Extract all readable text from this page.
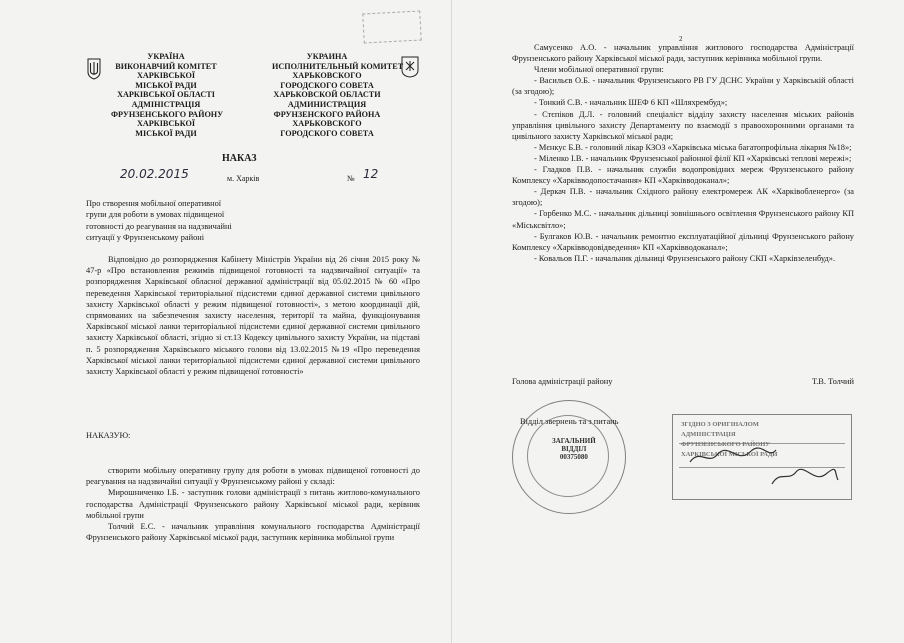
УКРАЇНА
ВИКОНАВЧИЙ КОМІТЕТ
ХАРКІВСЬКОЇ
МІСЬКОЇ РАДИ
ХАРКІВСЬКОЇ ОБЛАСТІ
АДМІНІСТРАЦІЯ
ФРУНЗЕНСЬКОГО РАЙОНУ
ХАРКІВСЬКОЇ
МІСЬКОЇ РАДИ
УКРАИНА
ИСПОЛНИТЕЛЬНЫЙ КОМИТЕТ
ХАРЬКОВСКОГО
ГОРОДСКОГО СОВЕТА
ХАРЬКОВСКОЙ ОБЛАСТИ
АДМИНИСТРАЦИЯ
ФРУНЗЕНСКОГО РАЙОНА
ХАРЬКОВСКОГО
ГОРОДСКОГО СОВЕТА
НАКАЗ
20.02.2015	м. Харків	№ 12
Про створення мобільної оперативної
групи для роботи в умовах підвищеної
готовності до реагування на надзвичайні
ситуації у Фрунзенському районі

Відповідно до розпорядження Кабінету Міністрів України від 26 січня 2015 року № 47-р «Про встановлення режимів підвищеної готовності та надзвичайної ситуації» та розпорядження Харківської обласної державної адміністрації від 05.02.2015 № 60 «Про переведення Харківської територіальної підсистеми єдиної державної системи цивільного захисту Харківської області у режим підвищеної готовності», з метою координації дій, спрямованих на забезпечення захисту населення, території та майна, функціонування Харківської міської ланки територіальної підсистеми єдиної державної системи цивільного захисту Харківської області, згідно зі ст.13 Кодексу цивільного захисту України, на підставі п. 5 розпорядження Харківського міського голови від 13.02.2015 №19 «Про переведення Харківської міської ланки територіальної підсистеми єдиної державної системи цивільного захисту Харківської області у режим підвищеної готовності»

НАКАЗУЮ:

створити мобільну оперативну групу для роботи в умовах підвищеної готовності до реагування на надзвичайні ситуації у Фрунзенському районі у складі:

Мирошниченко І.Б. - заступник голови адміністрації з питань житлово-комунального господарства Адміністрації Фрунзенського району Харківської міської ради, керівник мобільної групи

Толчий Е.С. - начальник управління комунального господарства Адміністрації Фрунзенського району Харківської міської ради, заступник керівника мобільної групи

2

Самусенко А.О. - начальник управління житлового господарства Адміністрації Фрунзенського району Харківської міської ради, заступник керівника мобільної групи.

Члени мобільної оперативної групи:

- Васильєв О.Б. - начальник Фрунзенського РВ ГУ ДСНС України у Харківській області (за згодою);

- Тонкий С.В. - начальник ШЕФ 6 КП «Шляхрембуд»;

- Стєпіков Д.Л. - головний спеціаліст відділу захисту населення міських районів управління цивільного захисту Департаменту по взаємодії з правоохоронними органами та цивільного захисту Харківської міської ради;

- Мєнкус Б.В. - головний лікар КЗОЗ «Харківська міська багатопрофільна лікарня №18»;

- Міленко І.В. - начальник Фрунзенської районної філії КП «Харківські теплові мережі»;

- Гладков П.В. - начальник служби водопровідних мереж Фрунзенського району Комплексу «Харківводопостачання» КП «Харківводоканал»;

- Деркач П.В. - начальник Східного району електромереж АК «Харківобленерго» (за згодою);

- Горбенко М.С. - начальник дільниці зовнішнього освітлення Фрунзенського району КП «Міськсвітло»;

- Булгаков Ю.В. - начальник ремонтно експлуатаційної дільниці Фрунзенського району Комплексу «Харківводовідведення» КП «Харківводоканал»;

- Ковальов П.Г. - начальник дільниці Фрунзенського району СКП «Харківзеленбуд».

Голова адміністрації району	Т.В. Толчий
Відділ звернень та з питань
ЗАГАЛЬНИЙ
ВІДДІЛ
00375080
ЗГІДНО З ОРИГІНАЛОМ
АДМІНІСТРАЦІЯ
ФРУНЗЕНСЬКОГО РАЙОНУ
ХАРКІВСЬКОЇ МІСЬКОЇ РАДИ
